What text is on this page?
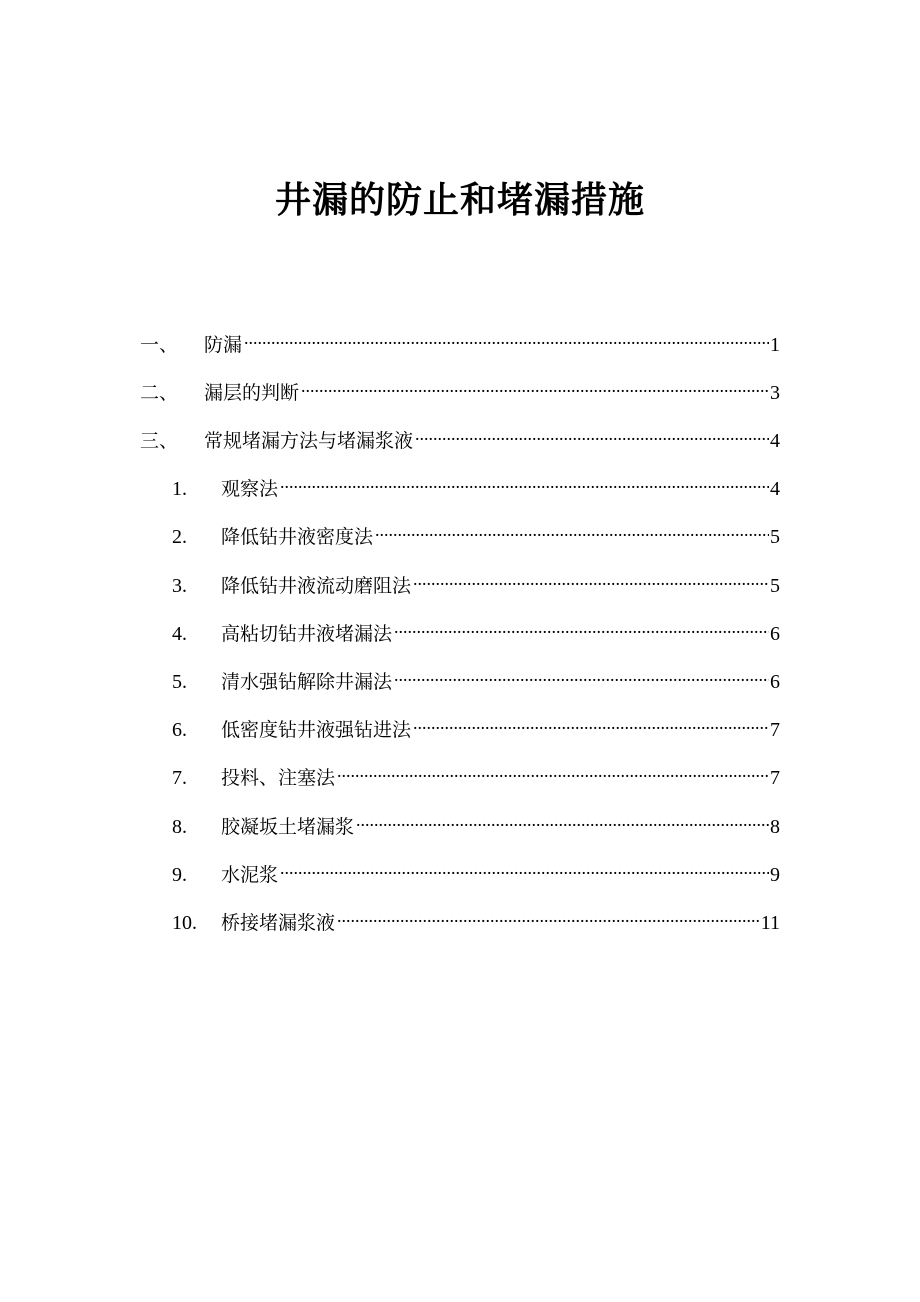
井漏的防止和堵漏措施
一、	防漏 .....	1
二、	漏层的判断 .....	3
三、	常规堵漏方法与堵漏浆液 .....	4
1.	观察法 .....	4
2.	降低钻井液密度法 .....	5
3.	降低钻井液流动磨阻法 .....	5
4.	高粘切钻井液堵漏法 .....	6
5.	清水强钻解除井漏法 .....	6
6.	低密度钻井液强钻进法 .....	7
7.	投料、注塞法 .....	7
8.	胶凝坂土堵漏浆 .....	8
9.	水泥浆 .....	9
10.	桥接堵漏浆液 .....	11
